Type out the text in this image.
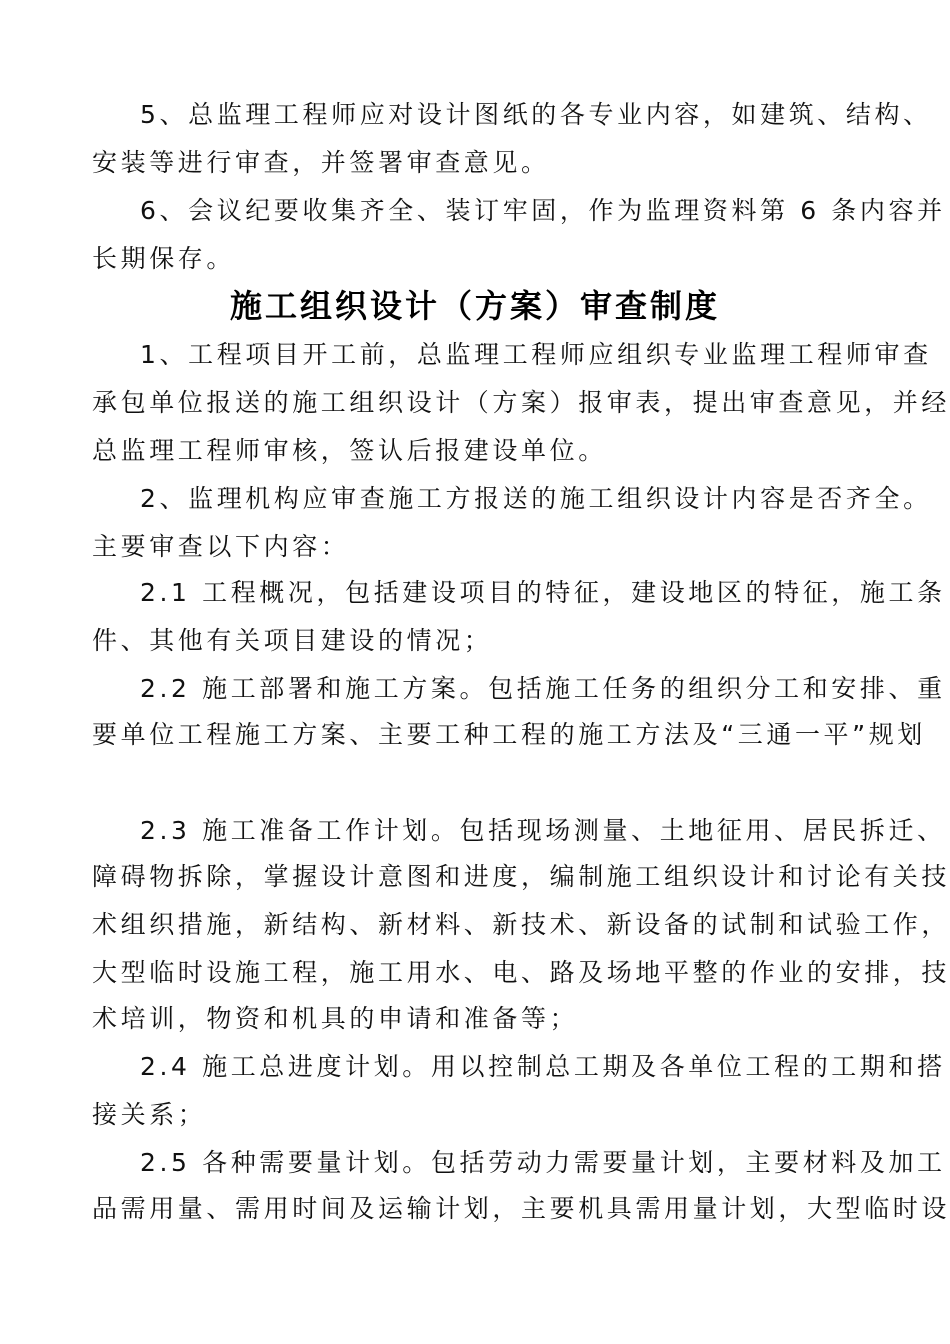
5、总监理工程师应对设计图纸的各专业内容，如建筑、结构、
安装等进行审查，并签署审查意见。
6、会议纪要收集齐全、装订牢固，作为监理资料第 6 条内容并
长期保存。
施工组织设计（方案）审查制度
1、工程项目开工前，总监理工程师应组织专业监理工程师审查
承包单位报送的施工组织设计（方案）报审表，提出审查意见，并经
总监理工程师审核，签认后报建设单位。
2、监理机构应审查施工方报送的施工组织设计内容是否齐全。
主要审查以下内容：
2.1 工程概况，包括建设项目的特征，建设地区的特征，施工条
件、其他有关项目建设的情况；
2.2 施工部署和施工方案。包括施工任务的组织分工和安排、重
要单位工程施工方案、主要工种工程的施工方法及“三通一平”规划
2.3 施工准备工作计划。包括现场测量、土地征用、居民拆迁、
障碍物拆除，掌握设计意图和进度，编制施工组织设计和讨论有关技
术组织措施，新结构、新材料、新技术、新设备的试制和试验工作，
大型临时设施工程，施工用水、电、路及场地平整的作业的安排，技
术培训，物资和机具的申请和准备等；
2.4 施工总进度计划。用以控制总工期及各单位工程的工期和搭
接关系；
2.5 各种需要量计划。包括劳动力需要量计划，主要材料及加工
品需用量、需用时间及运输计划，主要机具需用量计划，大型临时设
